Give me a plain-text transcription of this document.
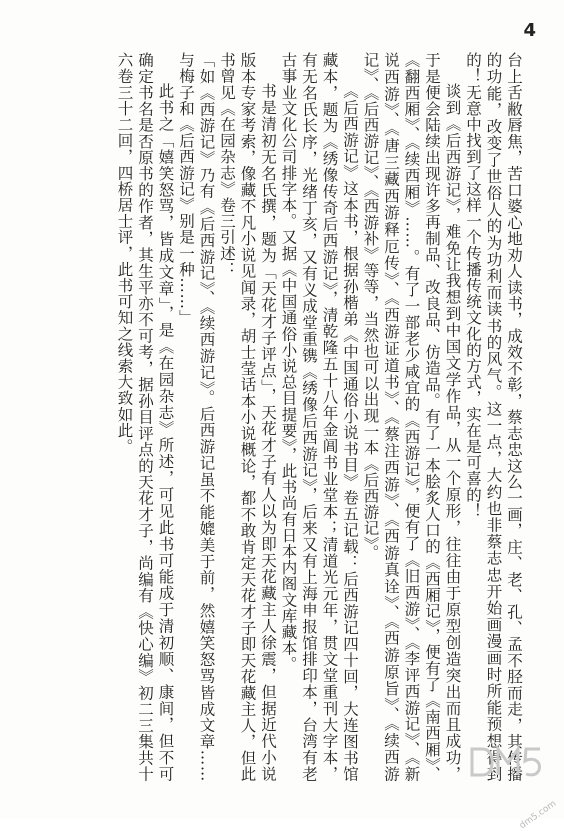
4

台上舌敝唇焦，苦口婆心地劝人读书，成效不彰，蔡志忠这么一画，庄、老、孔、孟不胫而走，其传播的功能，改变了世俗人的为功利而读书的风气。这一点，大约也非蔡志忠开始画漫画时所能预想得到的！无意中找到了这样一个传播传统文化的方式，实在是可喜的！

谈到《后西游记》，难免让我想到中国文学作品，从一个原形，往往由于原型创造突出而且成功，于是便会陆续出现许多再制品、改良品、仿造品。有了一本脍炙人口的《西厢记》，便有了《南西厢》、《翻西厢》、《续西厢》……。有了一部老少咸宜的《西游记》，便有了《旧西游》、《李评西游记》、《新说西游》、《唐三藏西游释厄传》、《西游证道书》、《蔡注西游》、《西游真诠》、《西游原旨》、《续西游记》、《后西游记》、《西游补》等等，当然也可以出现一本《后西游记》。

《后西游记》这本书，根据孙楷弟《中国通俗小说书目》卷五记载：后西游记四十回，大连图书馆藏本，题为《绣像传奇后西游记》，清乾隆五十八年金阊书业堂本；清道光元年，贯文堂重刊大字本，有无名氏长序，光绪丁亥，又有义成堂重镌《绣像后西游记》，后来又有上海申报馆排印本，台湾有老古事业文化公司排字本。又据《中国通俗小说总目提要》，此书尚有日本内阁文库藏本。

书是清初无名氏撰，题为「天花才子评点」，天花才子有人以为即天花藏主人徐震，但据近代小说版本专家考索，像藏不凡小说见闻录，胡士莹话本小说概论，都不敢肯定天花才子即天花藏主人，但此书曾见《在园杂志》卷三引述：

「如《西游记》乃有《后西游记》、《续西游记》。后西游记虽不能媲美于前，然嬉笑怒骂皆成文章……与梅子和《后西游记》别是一种……」

此书之「嬉笑怒骂，皆成文章」，是《在园杂志》所述，可见此书可能成于清初顺、康间，但不可确定书名是否原书的作者，其生平亦不可考，据孙目评点的天花才子，尚编有《快心编》初二三集共十六卷三十二回，四桥居士评，此书可知之线索大致如此。

dm5.com
